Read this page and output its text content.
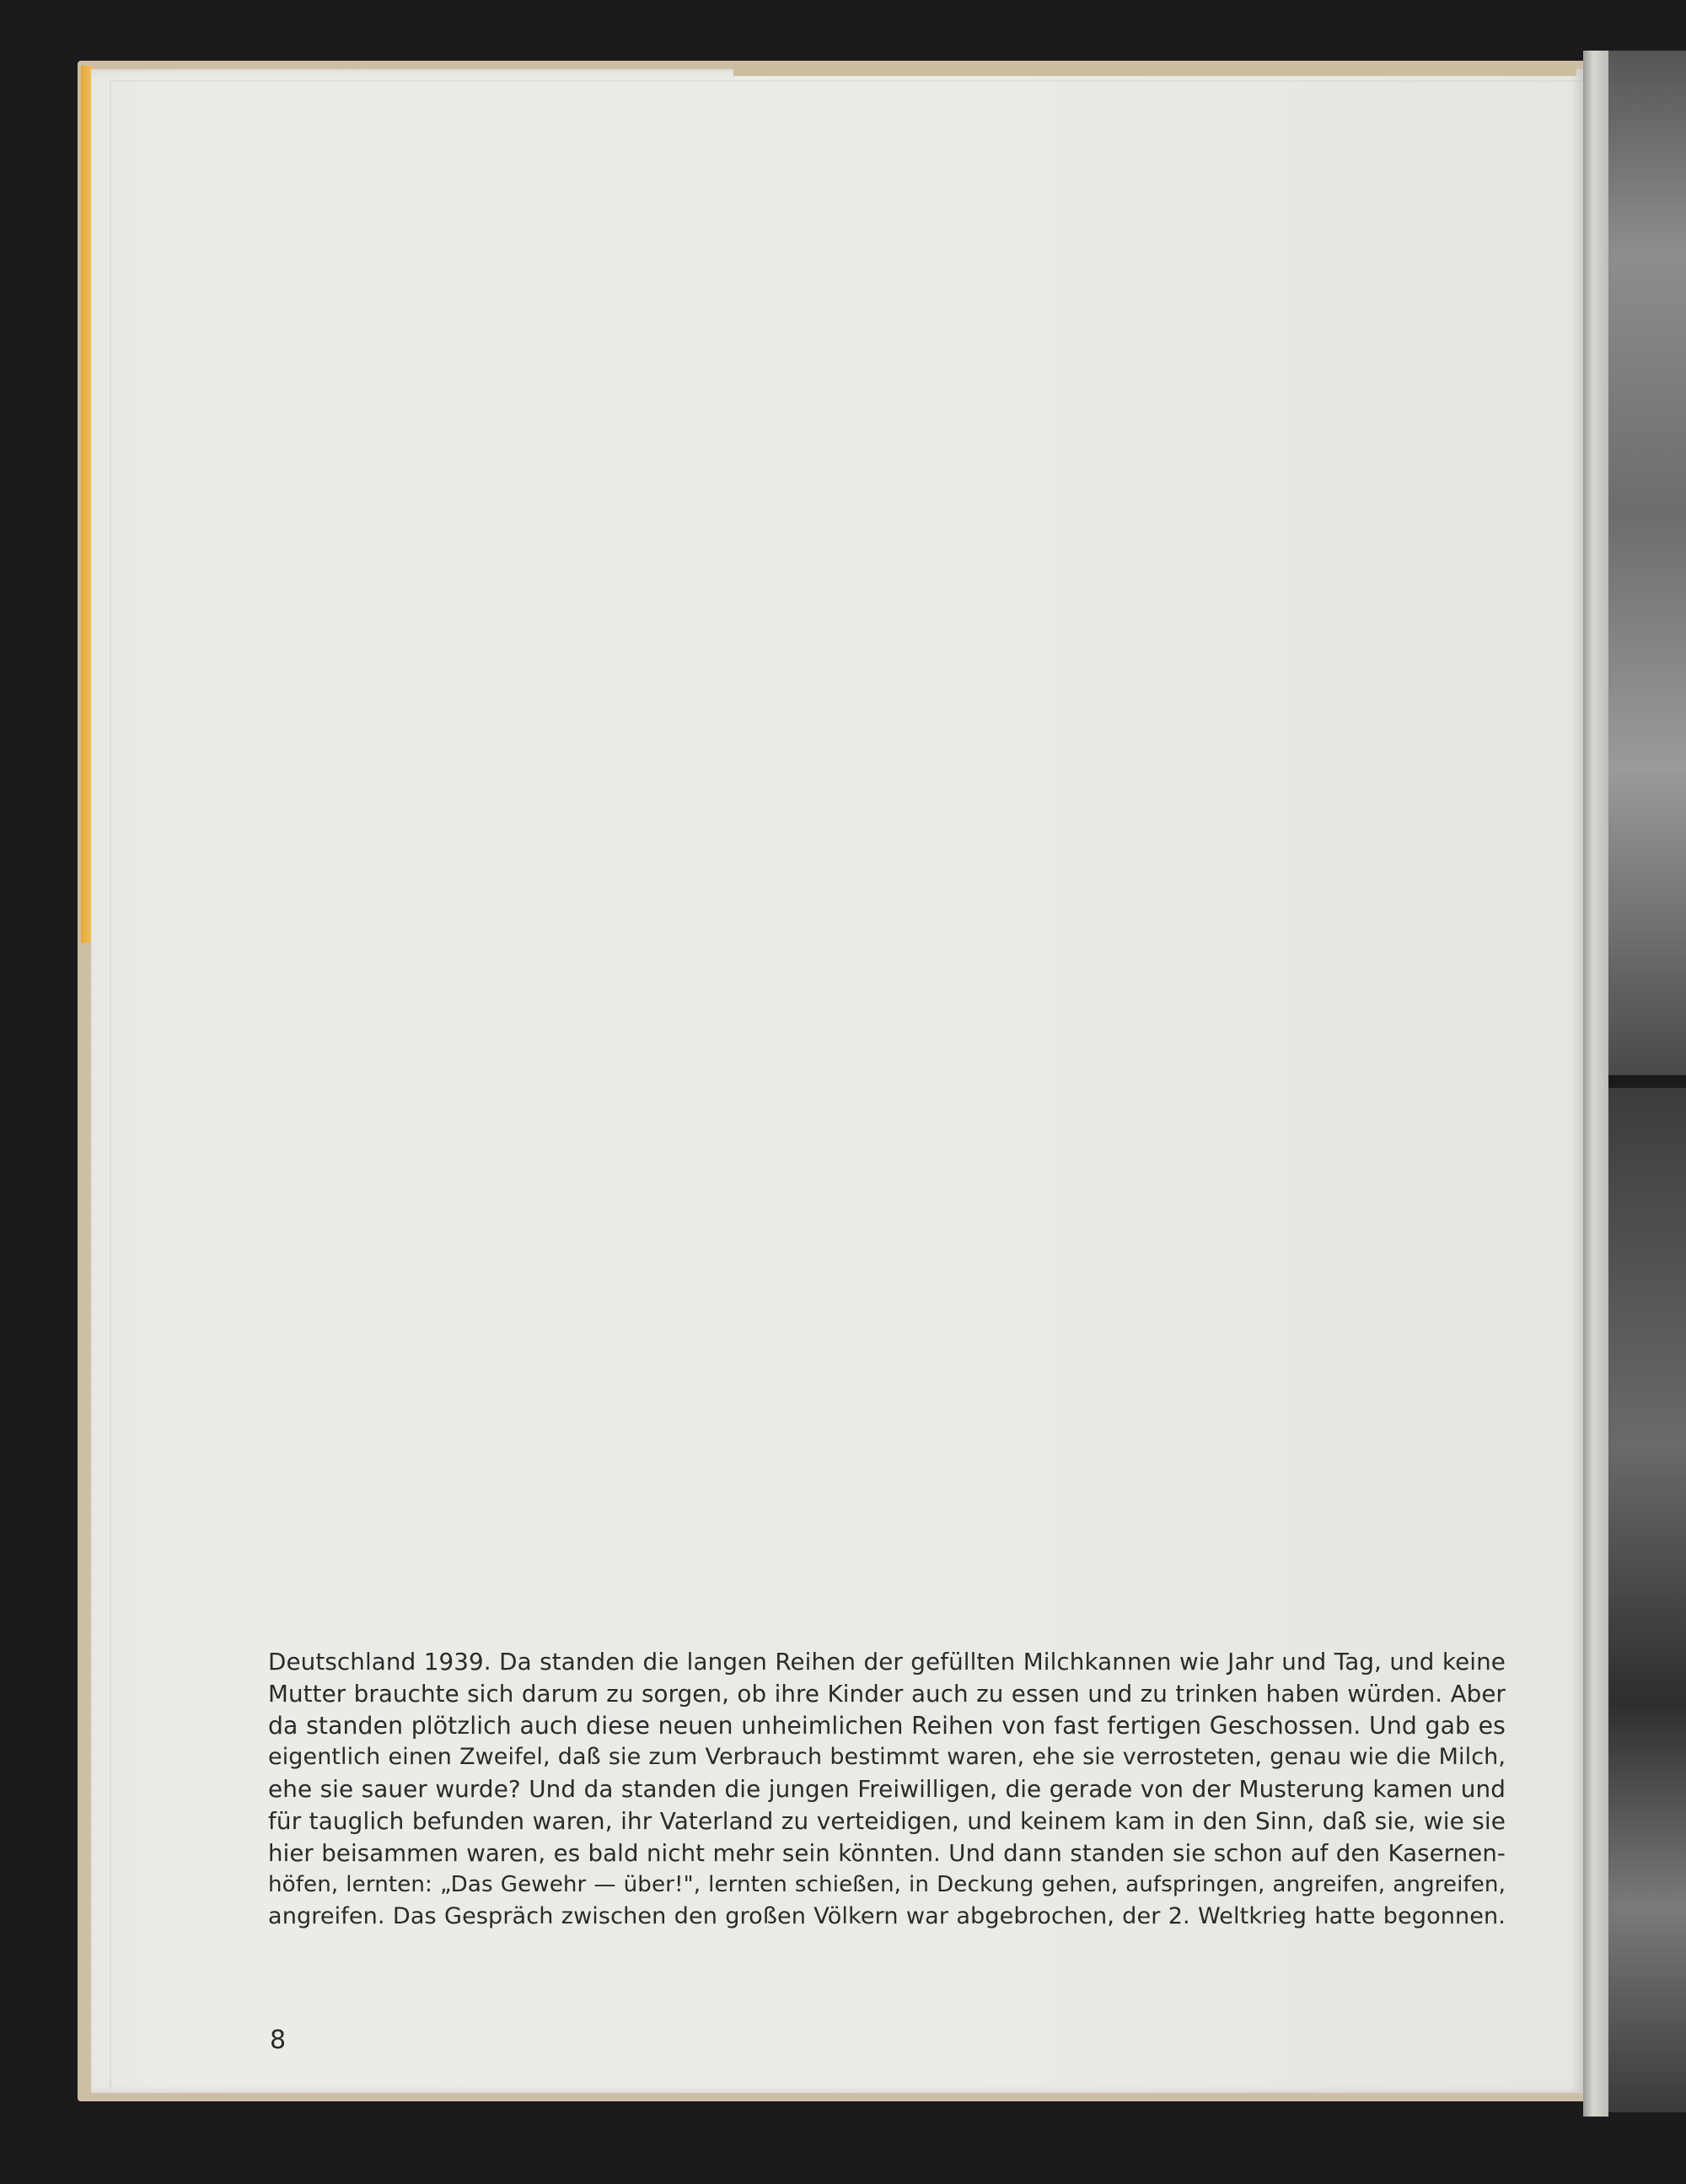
Deutschland 1939. Da standen die langen Reihen der gefüllten Milchkannen wie Jahr und Tag, und keine
Mutter brauchte sich darum zu sorgen, ob ihre Kinder auch zu essen und zu trinken haben würden. Aber
da standen plötzlich auch diese neuen unheimlichen Reihen von fast fertigen Geschossen. Und gab es
eigentlich einen Zweifel, daß sie zum Verbrauch bestimmt waren, ehe sie verrosteten, genau wie die Milch,
ehe sie sauer wurde? Und da standen die jungen Freiwilligen, die gerade von der Musterung kamen und
für tauglich befunden waren, ihr Vaterland zu verteidigen, und keinem kam in den Sinn, daß sie, wie sie
hier beisammen waren, es bald nicht mehr sein könnten. Und dann standen sie schon auf den Kasernen-
höfen, lernten: „Das Gewehr — über!", lernten schießen, in Deckung gehen, aufspringen, angreifen, angreifen,
angreifen. Das Gespräch zwischen den großen Völkern war abgebrochen, der 2. Weltkrieg hatte begonnen.
8
